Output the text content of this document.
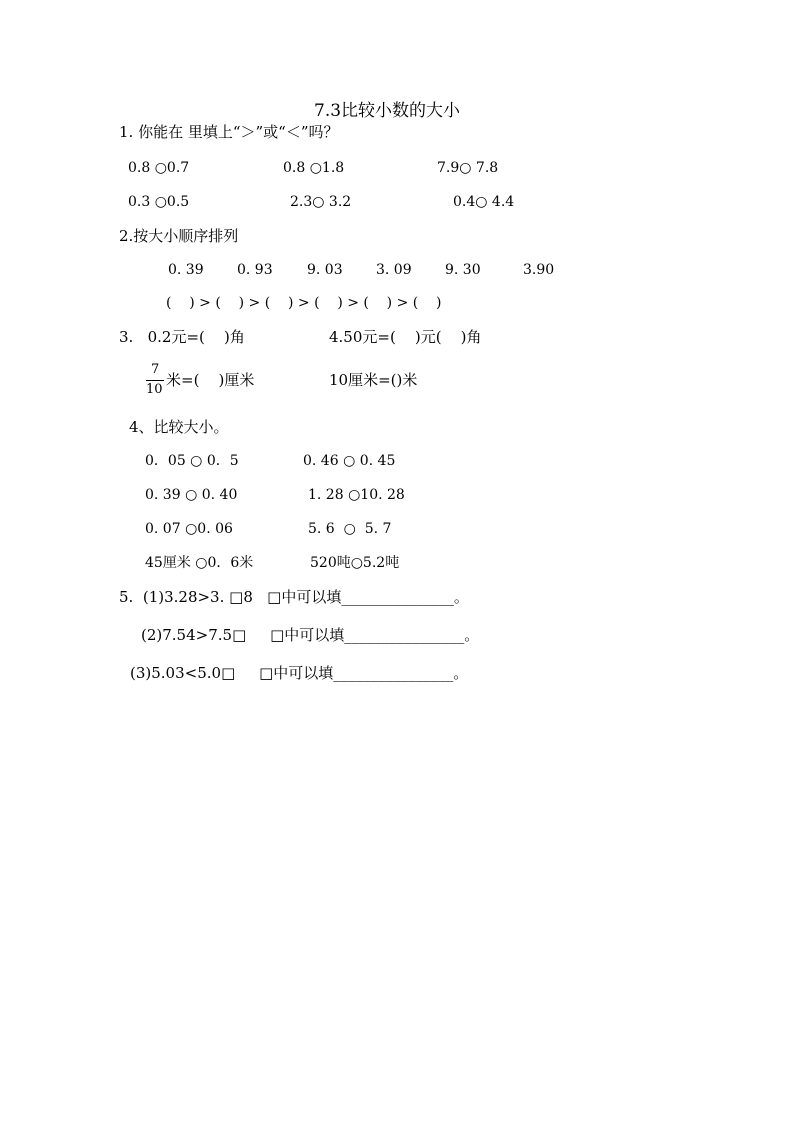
7.3比较小数的大小
1. 你能在 里填上“＞”或“＜”吗？
0.8 ○0.7	0.8 ○1.8	7.9○ 7.8
0.3 ○0.5	2.3○ 3.2	0.4○ 4.4
2.按大小顺序排列
0. 39 0. 93 9. 03 3. 09 9. 30	3.90
(    ) > (    ) > (    ) > (    ) > (    ) > (    )
3.   0.2元=(    )角	4.50元=(    )元(    )角
7
10
米=(    )厘米	10厘米=()米
4、比较大小。
0．05 ○ 0．5	0. 46 ○ 0. 45
0. 39 ○ 0. 40	1. 28 ○10. 28
0. 07 ○0. 06	5. 6  ○  5. 7
45厘米 ○0．6米	520吨○5.2吨
5.  (1)3.28>3. □8   □中可以填_______________。
(2)7.54>7.5□     □中可以填________________。
(3)5.03<5.0□     □中可以填________________。
